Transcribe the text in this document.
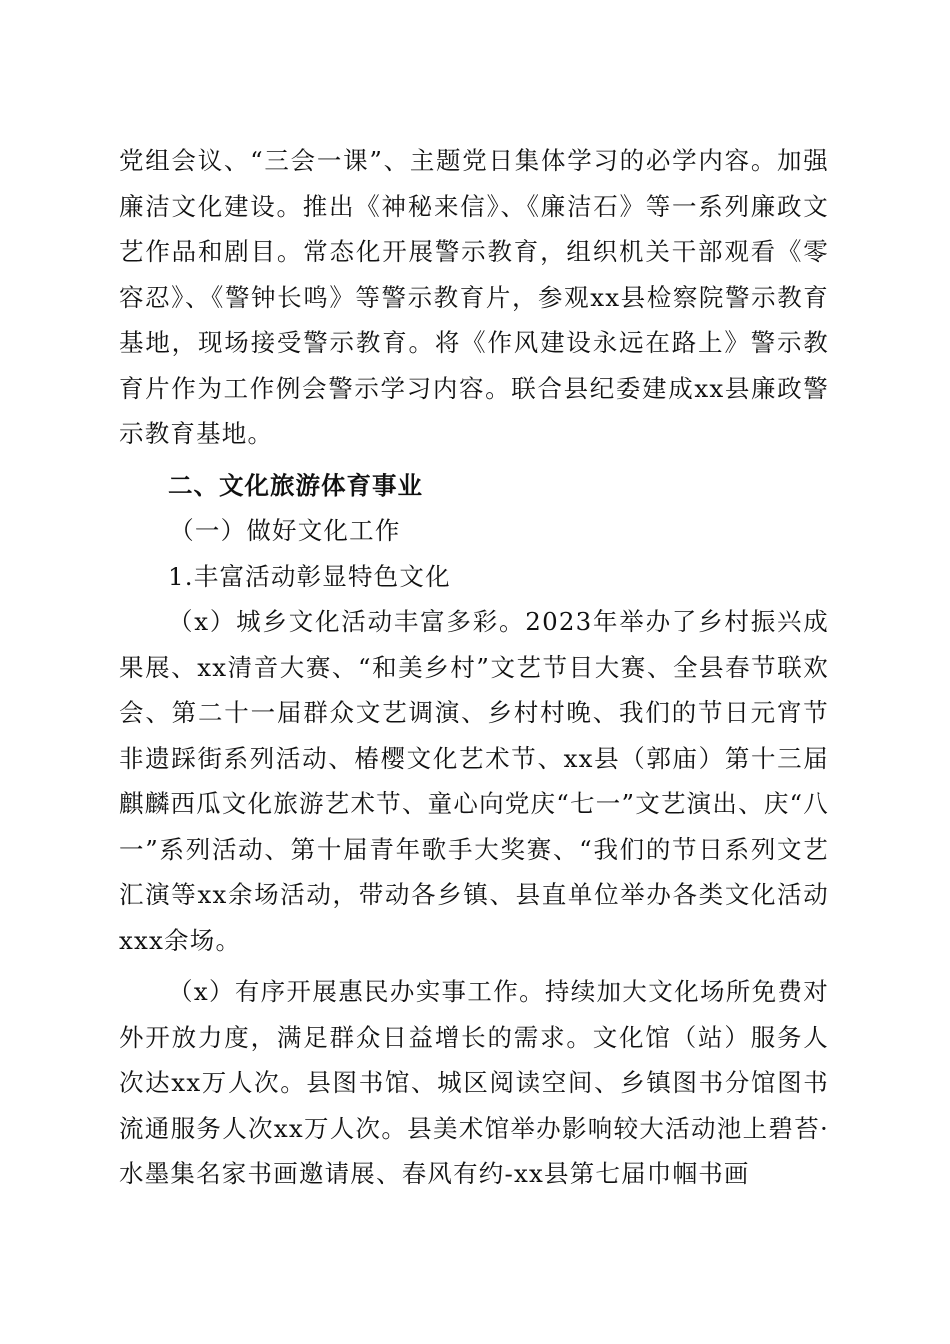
党组会议、“三会一课”、主题党日集体学习的必学内容。加强廉洁文化建设。推出《神秘来信》、《廉洁石》等一系列廉政文艺作品和剧目。常态化开展警示教育，组织机关干部观看《零容忍》、《警钟长鸣》等警示教育片，参观xx县检察院警示教育基地，现场接受警示教育。将《作风建设永远在路上》警示教育片作为工作例会警示学习内容。联合县纪委建成xx县廉政警示教育基地。

二、文化旅游体育事业

（一）做好文化工作

1.丰富活动彰显特色文化

（x）城乡文化活动丰富多彩。2023年举办了乡村振兴成果展、xx清音大赛、“和美乡村”文艺节目大赛、全县春节联欢会、第二十一届群众文艺调演、乡村村晚、我们的节日元宵节非遗踩街系列活动、椿樱文化艺术节、xx县（郭庙）第十三届麒麟西瓜文化旅游艺术节、童心向党庆“七一”文艺演出、庆“八一”系列活动、第十届青年歌手大奖赛、“我们的节日系列文艺汇演等xx余场活动，带动各乡镇、县直单位举办各类文化活动xxx余场。

（x）有序开展惠民办实事工作。持续加大文化场所免费对外开放力度，满足群众日益增长的需求。文化馆（站）服务人次达xx万人次。县图书馆、城区阅读空间、乡镇图书分馆图书流通服务人次xx万人次。县美术馆举办影响较大活动池上碧苔·水墨集名家书画邀请展、春风有约-xx县第七届巾帼书画
